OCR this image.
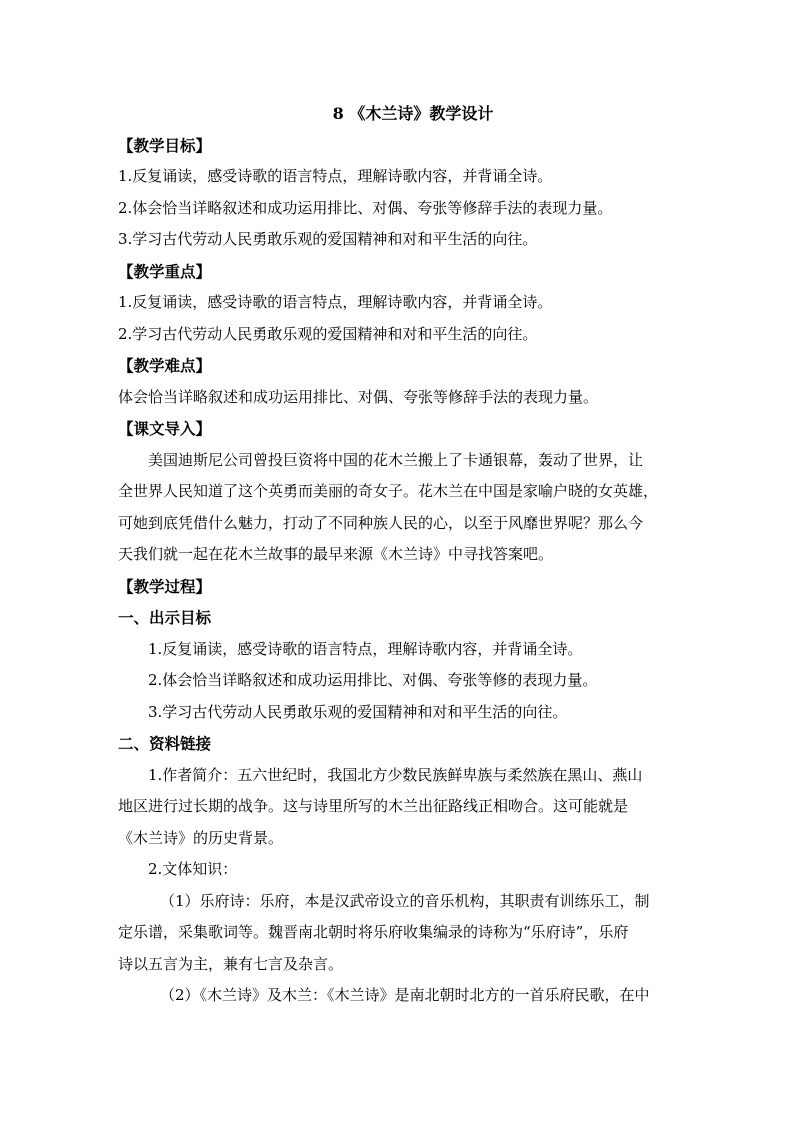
8 《木兰诗》教学设计
【教学目标】
1.反复诵读，感受诗歌的语言特点，理解诗歌内容，并背诵全诗。
2.体会恰当详略叙述和成功运用排比、对偶、夸张等修辞手法的表现力量。
3.学习古代劳动人民勇敢乐观的爱国精神和对和平生活的向往。
【教学重点】
1.反复诵读，感受诗歌的语言特点，理解诗歌内容，并背诵全诗。
2.学习古代劳动人民勇敢乐观的爱国精神和对和平生活的向往。
【教学难点】
体会恰当详略叙述和成功运用排比、对偶、夸张等修辞手法的表现力量。
【课文导入】
美国迪斯尼公司曾投巨资将中国的花木兰搬上了卡通银幕，轰动了世界，让
全世界人民知道了这个英勇而美丽的奇女子。花木兰在中国是家喻户晓的女英雄，
可她到底凭借什么魅力，打动了不同种族人民的心，以至于风靡世界呢？那么今
天我们就一起在花木兰故事的最早来源《木兰诗》中寻找答案吧。
【教学过程】
一、出示目标
1.反复诵读，感受诗歌的语言特点，理解诗歌内容，并背诵全诗。
2.体会恰当详略叙述和成功运用排比、对偶、夸张等修的表现力量。
3.学习古代劳动人民勇敢乐观的爱国精神和对和平生活的向往。
二、资料链接
1.作者简介：五六世纪时，我国北方少数民族鲜卑族与柔然族在黑山、燕山
地区进行过长期的战争。这与诗里所写的木兰出征路线正相吻合。这可能就是
《木兰诗》的历史背景。
2.文体知识：
（1）乐府诗：乐府，本是汉武帝设立的音乐机构，其职责有训练乐工，制
定乐谱，采集歌词等。魏晋南北朝时将乐府收集编录的诗称为“乐府诗”，乐府
诗以五言为主，兼有七言及杂言。
（2）《木兰诗》及木兰：《木兰诗》是南北朝时北方的一首乐府民歌，在中
